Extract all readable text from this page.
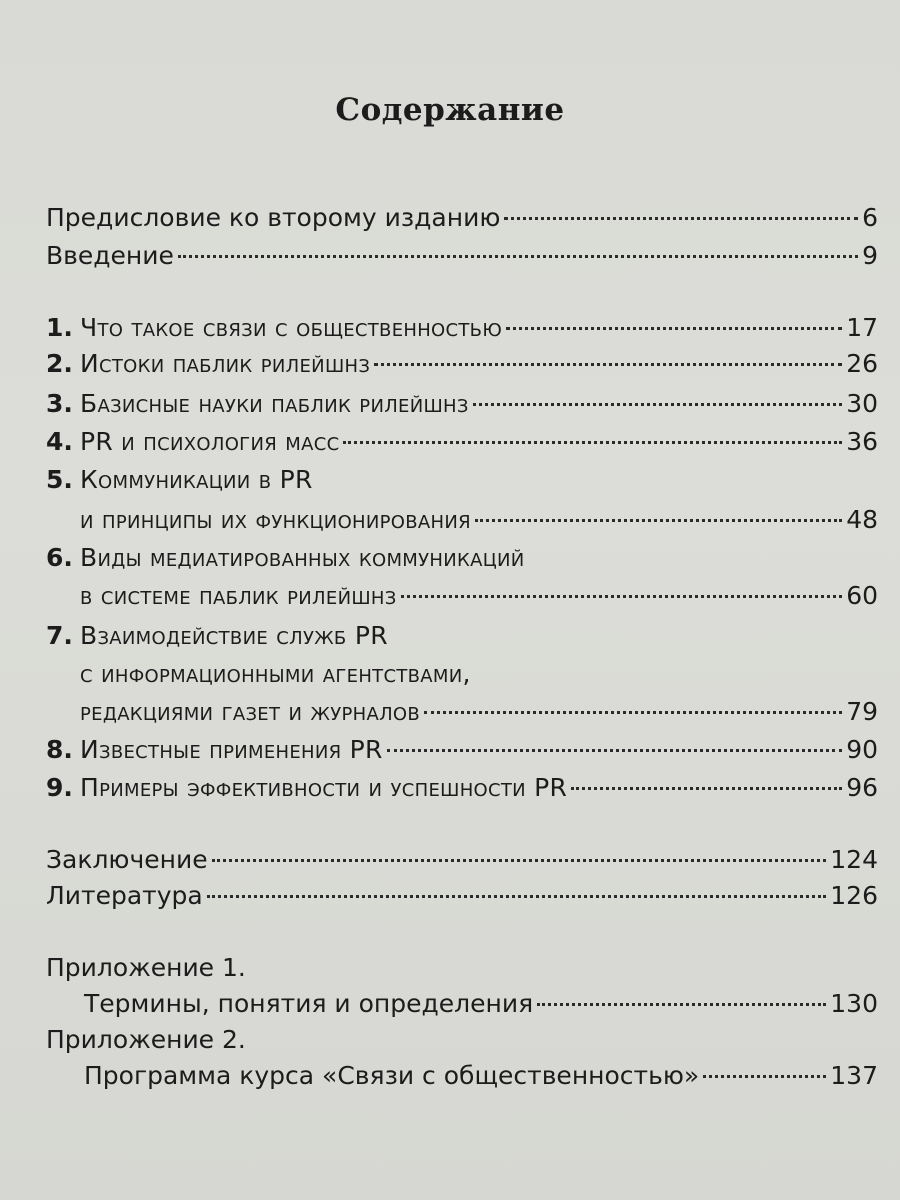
Содержание
Предисловие ко второму изданию	6
Введение	9
1. Что такое связи с общественностью	17
2. Истоки паблик рилейшнз	26
3. Базисные науки паблик рилейшнз	30
4. PR и психология масс	36
5. Коммуникации в PR
и принципы их функционирования	48
6. Виды медиатированных коммуникаций
в системе паблик рилейшнз	60
7. Взаимодействие служб PR
с информационными агентствами,
редакциями газет и журналов	79
8. Известные применения PR	90
9. Примеры эффективности и успешности PR	96
Заключение	124
Литература	126
Приложение 1.
Термины, понятия и определения	130
Приложение 2.
Программа курса «Связи с общественностью»	137
